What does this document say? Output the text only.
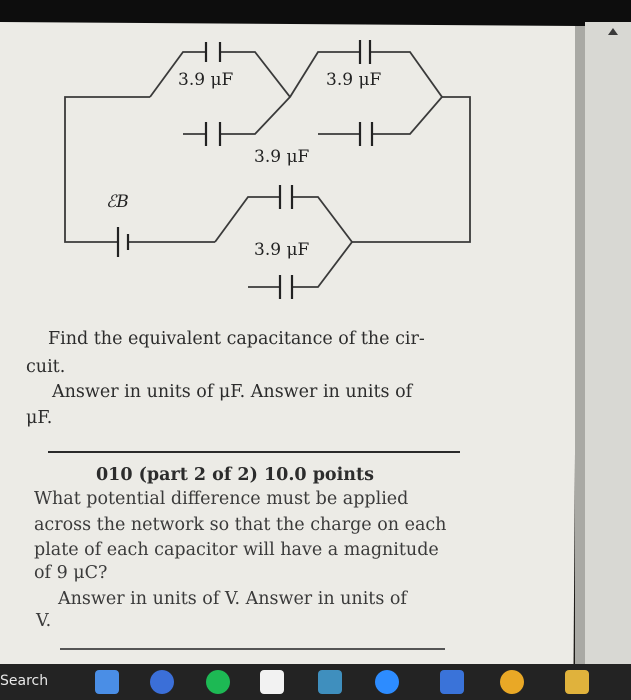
3.9 μF	3.9 μF
3.9 μF
3.9 μF
ℰB
Find the equivalent capacitance of the cir-
cuit.
Answer in units of μF. Answer in units of
μF.
010 (part 2 of 2) 10.0 points
What potential difference must be applied
across the network so that the charge on each
plate of each capacitor will have a magnitude
of 9 μC?
Answer in units of V. Answer in units of
V.
Search
